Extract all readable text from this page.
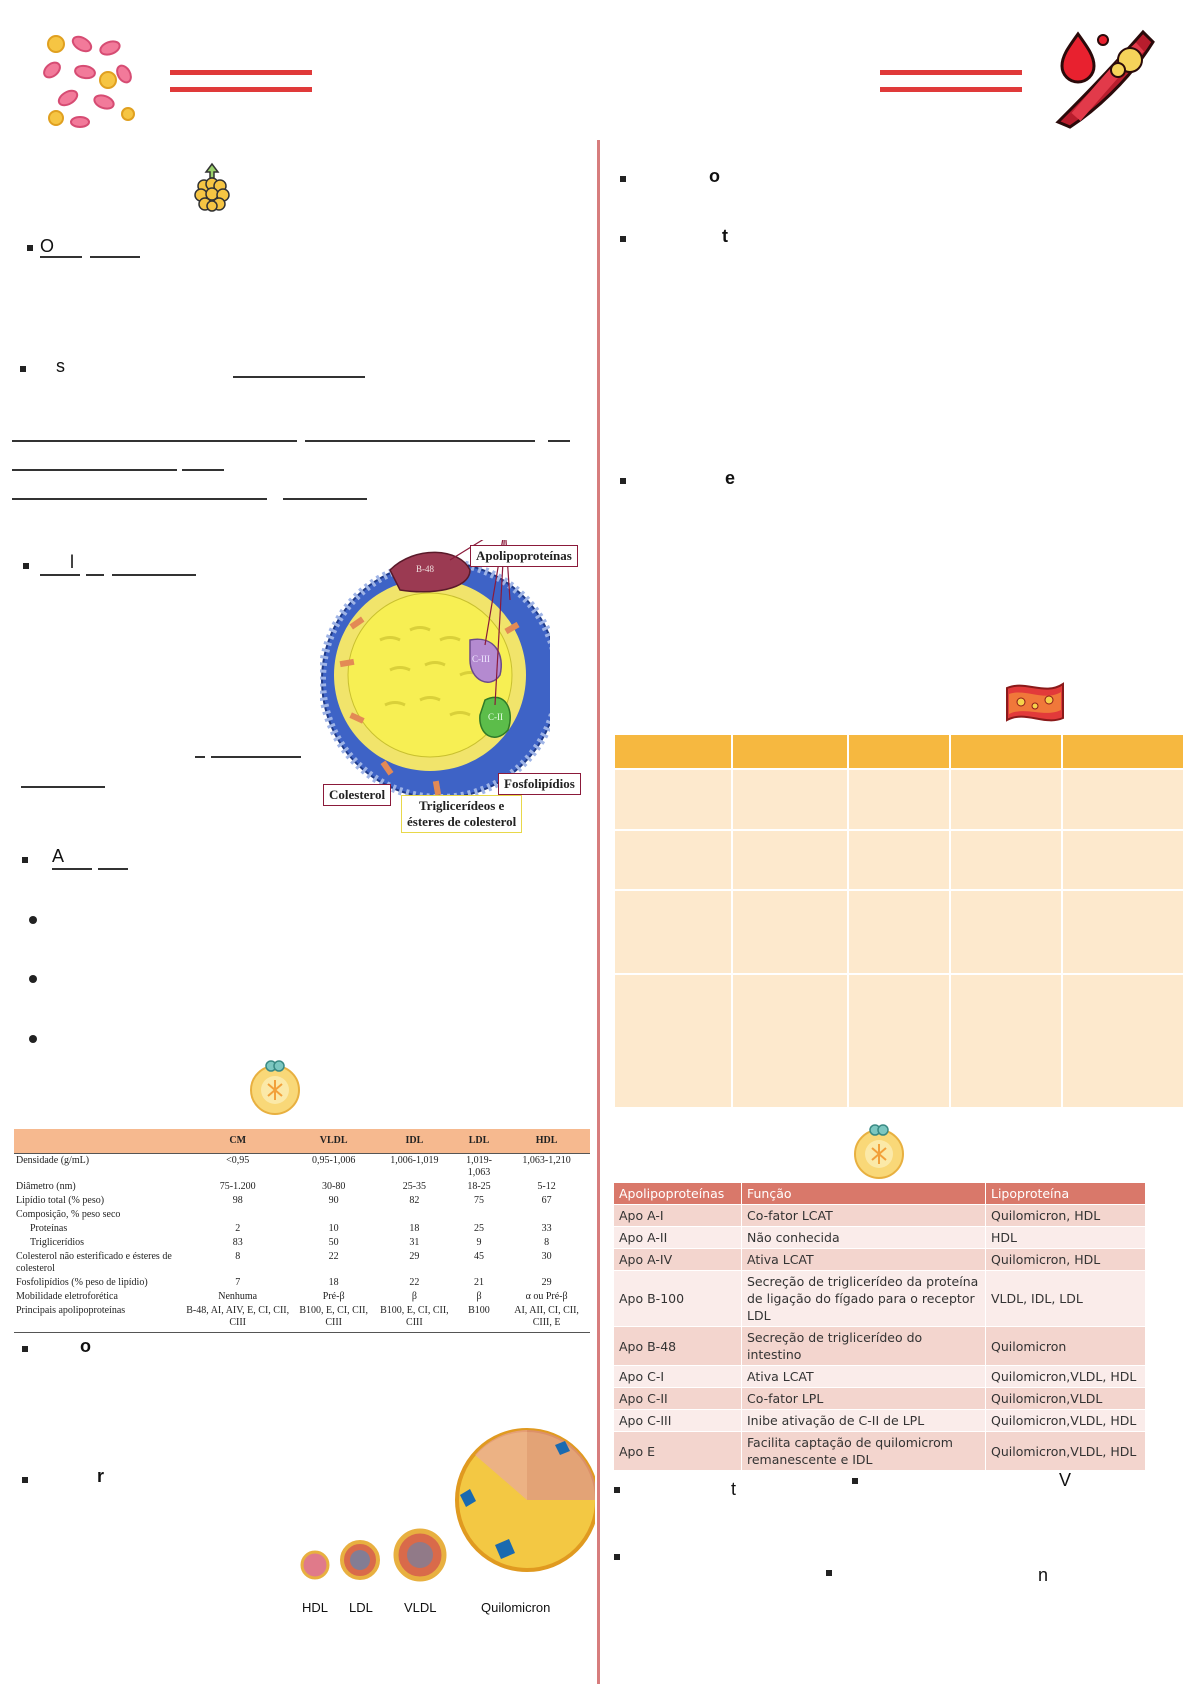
O
s
l	B-48
C-III
C-II
Apolipoproteínas
Colesterol
Fosfolipídios
Triglicerídeos e
ésteres de colesterol
A
	CM	VLDL	IDL	LDL	HDL
Densidade (g/mL)	<0,95	0,95-1,006	1,006-1,019	1,019-1,063	1,063-1,210
Diâmetro (nm)	75-1.200	30-80	25-35	18-25	5-12
Lipídio total (% peso)	98	90	82	75	67
Composição, % peso seco					
Proteínas	2	10	18	25	33
Triglicerídios	83	50	31	9	8
Colesterol não esterificado e ésteres de colesterol	8	22	29	45	30
Fosfolipídios (% peso de lipídio)	7	18	22	21	29
Mobilidade eletroforética	Nenhuma	Pré-β	β	β	α ou Pré-β
Principais apolipoproteínas	B-48, AI, AIV, E, CI, CII, CIII	B100, E, CI, CII, CIII	B100, E, CI, CII, CIII	B100	AI, AII, CI, CII, CIII, E
o
r
HDL LDL VLDL	Quilomicron
o
t
e

Apolipoproteínas	Função	Lipoproteína
Apo A-I	Co-fator LCAT	Quilomicron, HDL
Apo A-II	Não conhecida	HDL
Apo A-IV	Ativa LCAT	Quilomicron, HDL
Apo B-100	Secreção de triglicerídeo da proteína de ligação do fígado para o receptor LDL	VLDL, IDL, LDL
Apo B-48	Secreção de triglicerídeo do intestino	Quilomicron
Apo C-I	Ativa LCAT	Quilomicron,VLDL, HDL
Apo C-II	Co-fator LPL	Quilomicron,VLDL
Apo C-III	Inibe ativação de C-II de LPL	Quilomicron,VLDL, HDL
Apo E	Facilita captação de quilomicrom remanescente e IDL	Quilomicron,VLDL, HDL
t	V
n
